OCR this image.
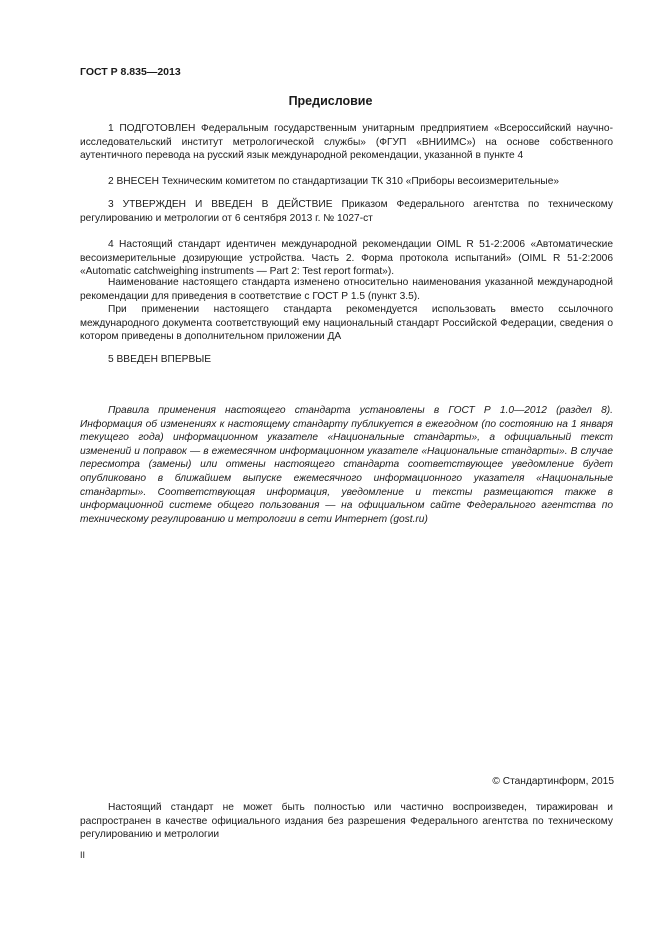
ГОСТ Р 8.835—2013
Предисловие

1 ПОДГОТОВЛЕН Федеральным государственным унитарным предприятием «Всероссийский научно-исследовательский институт метрологической службы» (ФГУП «ВНИИМС») на основе собственного аутентичного перевода на русский язык международной рекомендации, указанной в пункте 4

2 ВНЕСЕН Техническим комитетом по стандартизации ТК 310 «Приборы весоизмерительные»

3 УТВЕРЖДЕН И ВВЕДЕН В ДЕЙСТВИЕ Приказом Федерального агентства по техническому регулированию и метрологии от 6 сентября 2013 г. № 1027-ст

4 Настоящий стандарт идентичен международной рекомендации OIML R 51-2:2006 «Автоматические весоизмерительные дозирующие устройства. Часть 2. Форма протокола испытаний» (OIML R 51-2:2006 «Automatic catchweighing instruments — Part 2: Test report format»).

Наименование настоящего стандарта изменено относительно наименования указанной международной рекомендации для приведения в соответствие с ГОСТ Р 1.5 (пункт 3.5).

При применении настоящего стандарта рекомендуется использовать вместо ссылочного международного документа соответствующий ему национальный стандарт Российской Федерации, сведения о котором приведены в дополнительном приложении ДА

5 ВВЕДЕН ВПЕРВЫЕ

Правила применения настоящего стандарта установлены в ГОСТ Р 1.0—2012 (раздел 8). Информация об изменениях к настоящему стандарту публикуется в ежегодном (по состоянию на 1 января текущего года) информационном указателе «Национальные стандарты», а официальный текст изменений и поправок — в ежемесячном информационном указателе «Национальные стандарты». В случае пересмотра (замены) или отмены настоящего стандарта соответствующее уведомление будет опубликовано в ближайшем выпуске ежемесячного информационного указателя «Национальные стандарты». Соответствующая информация, уведомление и тексты размещаются также в информационной системе общего пользования — на официальном сайте Федерального агентства по техническому регулированию и метрологии в сети Интернет (gost.ru)

© Стандартинформ, 2015

Настоящий стандарт не может быть полностью или частично воспроизведен, тиражирован и распространен в качестве официального издания без разрешения Федерального агентства по техническому регулированию и метрологии

II
